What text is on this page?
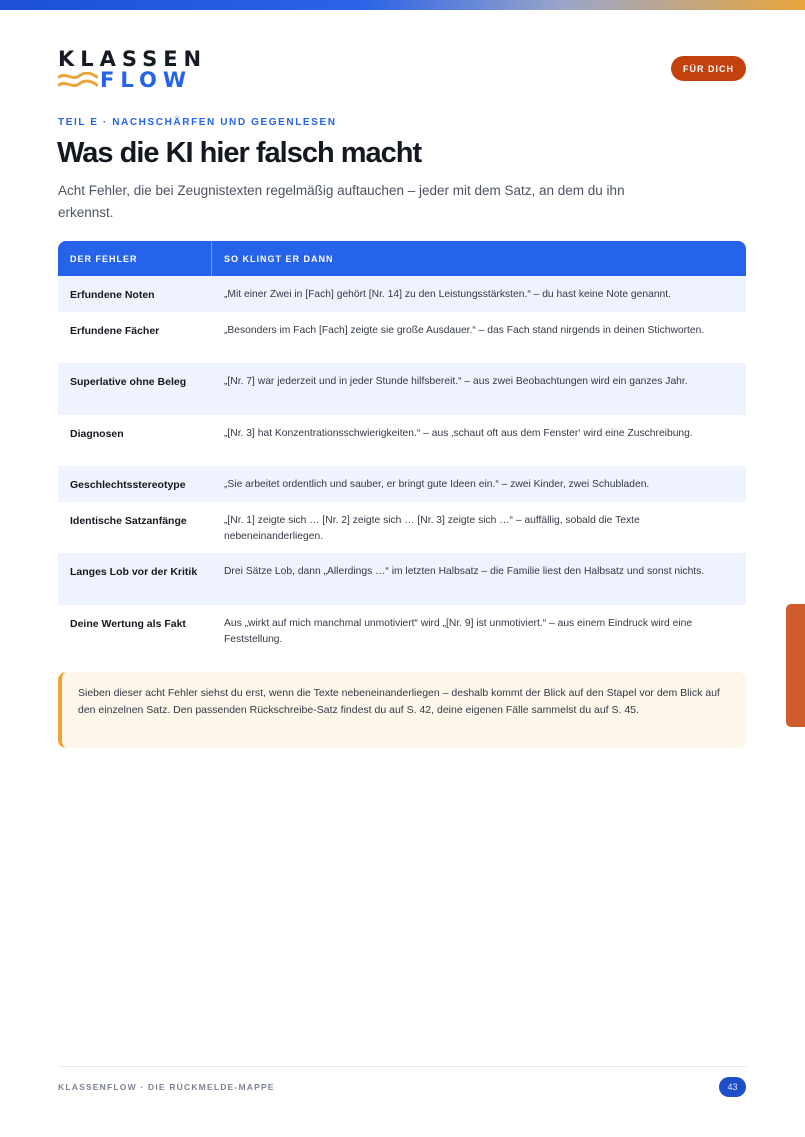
KLASSEN
FLOW	FÜR DICH
TEIL E · NACHSCHÄRFEN UND GEGENLESEN
Was die KI hier falsch macht

Acht Fehler, die bei Zeugnistexten regelmäßig auftauchen – jeder mit dem Satz, an dem du ihn erkennst.

DER FEHLER	SO KLINGT ER DANN
Erfundene Noten	„Mit einer Zwei in [Fach] gehört [Nr. 14] zu den Leistungsstärksten.“ – du hast keine Note genannt.
Erfundene Fächer	„Besonders im Fach [Fach] zeigte sie große Ausdauer.“ – das Fach stand nirgends in deinen Stichworten.
Superlative ohne Beleg	„[Nr. 7] war jederzeit und in jeder Stunde hilfsbereit.“ – aus zwei Beobachtungen wird ein ganzes Jahr.
Diagnosen	„[Nr. 3] hat Konzentrationsschwierigkeiten.“ – aus ‚schaut oft aus dem Fenster‘ wird eine Zuschreibung.
Geschlechtsstereotype	„Sie arbeitet ordentlich und sauber, er bringt gute Ideen ein.“ – zwei Kinder, zwei Schubladen.
Identische Satzanfänge	„[Nr. 1] zeigte sich … [Nr. 2] zeigte sich … [Nr. 3] zeigte sich …“ – auffällig, sobald die Texte nebeneinanderliegen.
Langes Lob vor der Kritik	Drei Sätze Lob, dann „Allerdings …“ im letzten Halbsatz – die Familie liest den Halbsatz und sonst nichts.
Deine Wertung als Fakt	Aus „wirkt auf mich manchmal unmotiviert“ wird „[Nr. 9] ist unmotiviert.“ – aus einem Eindruck wird eine Feststellung.
Sieben dieser acht Fehler siehst du erst, wenn die Texte nebeneinanderliegen – deshalb kommt der Blick auf den Stapel vor dem Blick auf den einzelnen Satz. Den passenden Rückschreibe-Satz findest du auf S. 42, deine eigenen Fälle sammelst du auf S. 45.
KLASSENFLOW · DIE RÜCKMELDE-MAPPE	43
